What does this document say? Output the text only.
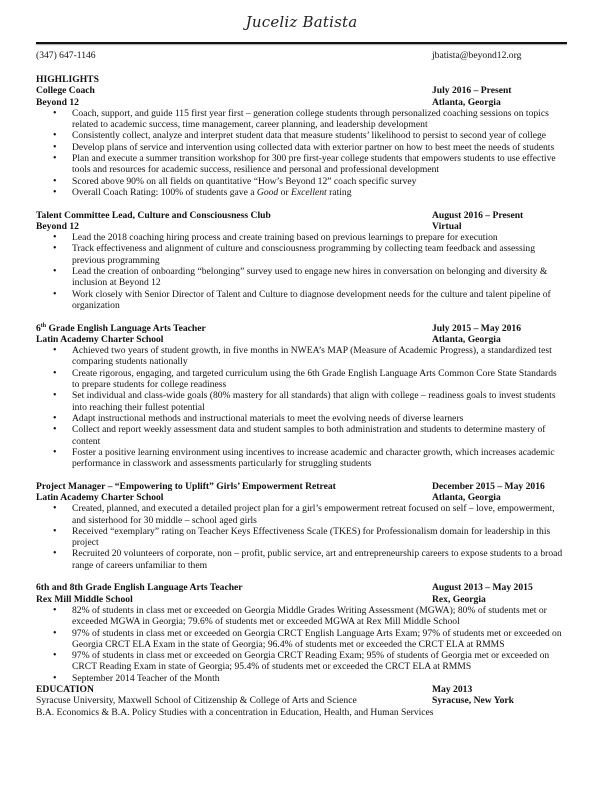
Juceliz Batista
(347) 647-1146	jbatista@beyond12.org
HIGHLIGHTS
College Coach	July 2016 – Present
Beyond 12	Atlanta, Georgia
• Coach, support, and guide 115 first year first – generation college students through personalized coaching sessions on topics related to academic success, time management, career planning, and leadership development
• Consistently collect, analyze and interpret student data that measure students’ likelihood to persist to second year of college
• Develop plans of service and intervention using collected data with exterior partner on how to best meet the needs of students
• Plan and execute a summer transition workshop for 300 pre first-year college students that empowers students to use effective tools and resources for academic success, resilience and personal and professional development
• Scored above 90% on all fields on quantitative “How’s Beyond 12” coach specific survey
• Overall Coach Rating: 100% of students gave a Good or Excellent rating
Talent Committee Lead, Culture and Consciousness Club	August 2016 – Present
Beyond 12	Virtual
• Lead the 2018 coaching hiring process and create training based on previous learnings to prepare for execution
• Track effectiveness and alignment of culture and consciousness programming by collecting team feedback and assessing previous programming
• Lead the creation of onboarding “belonging” survey used to engage new hires in conversation on belonging and diversity & inclusion at Beyond 12
• Work closely with Senior Director of Talent and Culture to diagnose development needs for the culture and talent pipeline of organization
6th Grade English Language Arts Teacher	July 2015 – May 2016
Latin Academy Charter School	Atlanta, Georgia
• Achieved two years of student growth, in five months in NWEA’s MAP (Measure of Academic Progress), a standardized test comparing students nationally
• Create rigorous, engaging, and targeted curriculum using the 6th Grade English Language Arts Common Core State Standards to prepare students for college readiness
• Set individual and class-wide goals (80% mastery for all standards) that align with college – readiness goals to invest students into reaching their fullest potential
• Adapt instructional methods and instructional materials to meet the evolving needs of diverse learners
• Collect and report weekly assessment data and student samples to both administration and students to determine mastery of content
• Foster a positive learning environment using incentives to increase academic and character growth, which increases academic performance in classwork and assessments particularly for struggling students
Project Manager – “Empowering to Uplift” Girls’ Empowerment Retreat	December 2015 – May 2016
Latin Academy Charter School	Atlanta, Georgia
• Created, planned, and executed a detailed project plan for a girl’s empowerment retreat focused on self – love, empowerment, and sisterhood for 30 middle – school aged girls
• Received “exemplary” rating on Teacher Keys Effectiveness Scale (TKES) for Professionalism domain for leadership in this project
• Recruited 20 volunteers of corporate, non – profit, public service, art and entrepreneurship careers to expose students to a broad range of careers unfamiliar to them
6th and 8th Grade English Language Arts Teacher	August 2013 – May 2015
Rex Mill Middle School	Rex, Georgia
• 82% of students in class met or exceeded on Georgia Middle Grades Writing Assessment (MGWA); 80% of students met or exceeded MGWA in Georgia; 79.6% of students met or exceeded MGWA at Rex Mill Middle School
• 97% of students in class met or exceeded on Georgia CRCT English Language Arts Exam; 97% of students met or exceeded on Georgia CRCT ELA Exam in the state of Georgia; 96.4% of students met or exceeded the CRCT ELA at RMMS
• 97% of students in class met or exceeded on Georgia CRCT Reading Exam; 95% of students of Georgia met or exceeded on CRCT Reading Exam in state of Georgia; 95.4% of students met or exceeded the CRCT ELA at RMMS
• September 2014 Teacher of the Month
EDUCATION	May 2013
Syracuse University, Maxwell School of Citizenship & College of Arts and Science	Syracuse, New York
B.A. Economics & B.A. Policy Studies with a concentration in Education, Health, and Human Services
